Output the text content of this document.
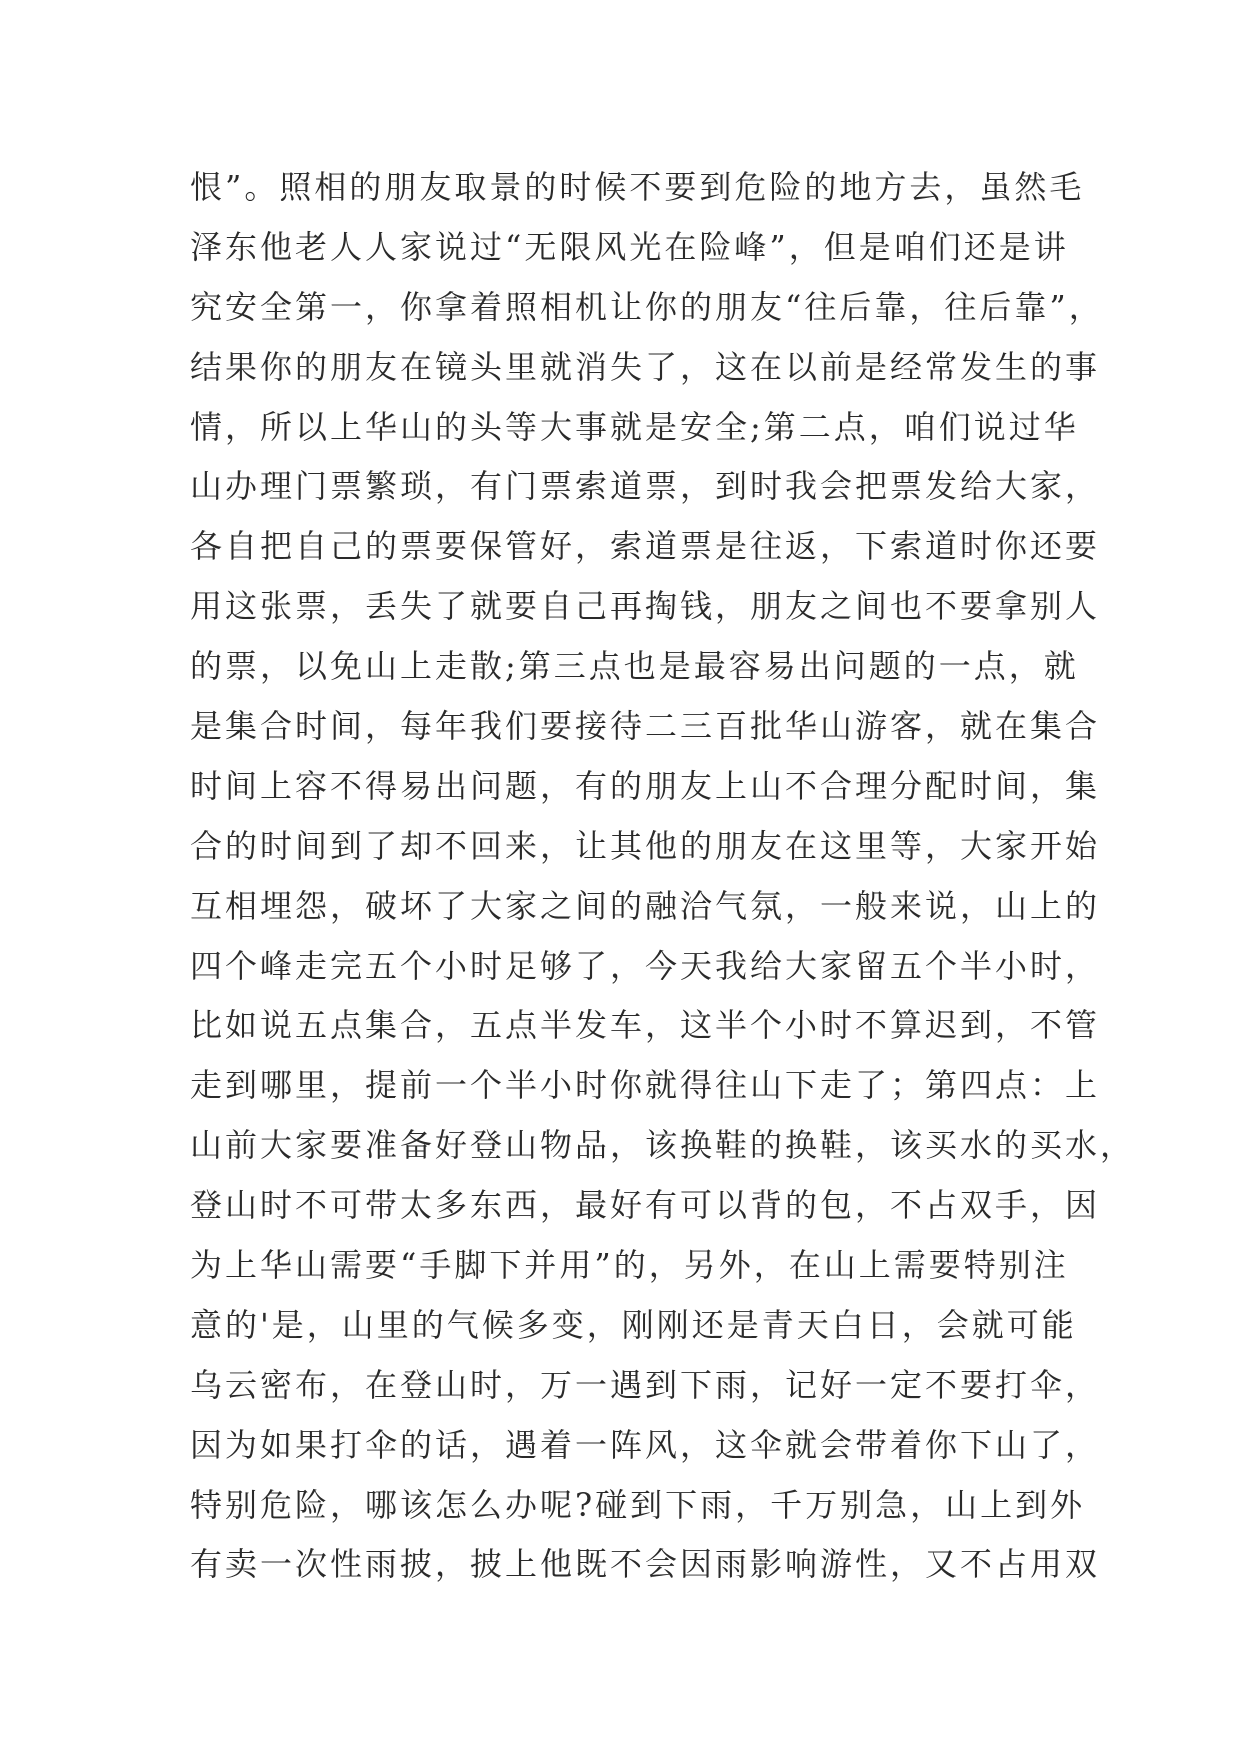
恨”。照相的朋友取景的时候不要到危险的地方去，虽然毛
泽东他老人人家说过“无限风光在险峰”，但是咱们还是讲
究安全第一，你拿着照相机让你的朋友“往后靠，往后靠”，
结果你的朋友在镜头里就消失了，这在以前是经常发生的事
情，所以上华山的头等大事就是安全;第二点，咱们说过华
山办理门票繁琐，有门票索道票，到时我会把票发给大家，
各自把自己的票要保管好，索道票是往返，下索道时你还要
用这张票，丢失了就要自己再掏钱，朋友之间也不要拿别人
的票，以免山上走散;第三点也是最容易出问题的一点，就
是集合时间，每年我们要接待二三百批华山游客，就在集合
时间上容不得易出问题，有的朋友上山不合理分配时间，集
合的时间到了却不回来，让其他的朋友在这里等，大家开始
互相埋怨，破坏了大家之间的融洽气氛，一般来说，山上的
四个峰走完五个小时足够了，今天我给大家留五个半小时，
比如说五点集合，五点半发车，这半个小时不算迟到，不管
走到哪里，提前一个半小时你就得往山下走了；第四点：上
山前大家要准备好登山物品，该换鞋的换鞋，该买水的买水，
登山时不可带太多东西，最好有可以背的包，不占双手，因
为上华山需要“手脚下并用”的，另外，在山上需要特别注
意的'是，山里的气候多变，刚刚还是青天白日，会就可能
乌云密布，在登山时，万一遇到下雨，记好一定不要打伞，
因为如果打伞的话，遇着一阵风，这伞就会带着你下山了，
特别危险，哪该怎么办呢?碰到下雨，千万别急，山上到外
有卖一次性雨披，披上他既不会因雨影响游性，又不占用双
